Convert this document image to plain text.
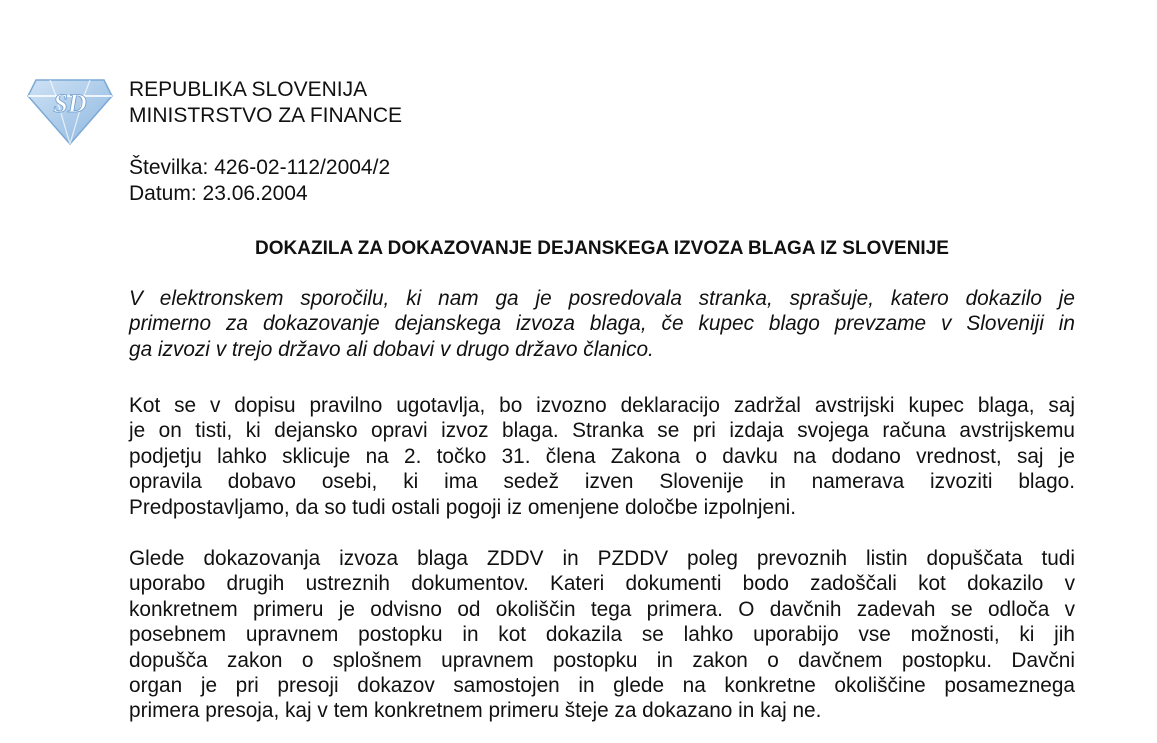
SD REPUBLIKA SLOVENIJA
MINISTRSTVO ZA FINANCE
Številka: 426-02-112/2004/2
Datum: 23.06.2004
DOKAZILA ZA DOKAZOVANJE DEJANSKEGA IZVOZA BLAGA IZ SLOVENIJE
V elektronskem sporočilu, ki nam ga je posredovala stranka, sprašuje, katero dokazilo je
primerno za dokazovanje dejanskega izvoza blaga, če kupec blago prevzame v Sloveniji in
ga izvozi v trejo državo ali dobavi v drugo državo članico.
Kot se v dopisu pravilno ugotavlja, bo izvozno deklaracijo zadržal avstrijski kupec blaga, saj
je on tisti, ki dejansko opravi izvoz blaga. Stranka se pri izdaja svojega računa avstrijskemu
podjetju lahko sklicuje na 2. točko 31. člena Zakona o davku na dodano vrednost, saj je
opravila dobavo osebi, ki ima sedež izven Slovenije in namerava izvoziti blago.
Predpostavljamo, da so tudi ostali pogoji iz omenjene določbe izpolnjeni.
Glede dokazovanja izvoza blaga ZDDV in PZDDV poleg prevoznih listin dopuščata tudi
uporabo drugih ustreznih dokumentov. Kateri dokumenti bodo zadoščali kot dokazilo v
konkretnem primeru je odvisno od okoliščin tega primera. O davčnih zadevah se odloča v
posebnem upravnem postopku in kot dokazila se lahko uporabijo vse možnosti, ki jih
dopušča zakon o splošnem upravnem postopku in zakon o davčnem postopku. Davčni
organ je pri presoji dokazov samostojen in glede na konkretne okoliščine posameznega
primera presoja, kaj v tem konkretnem primeru šteje za dokazano in kaj ne.
